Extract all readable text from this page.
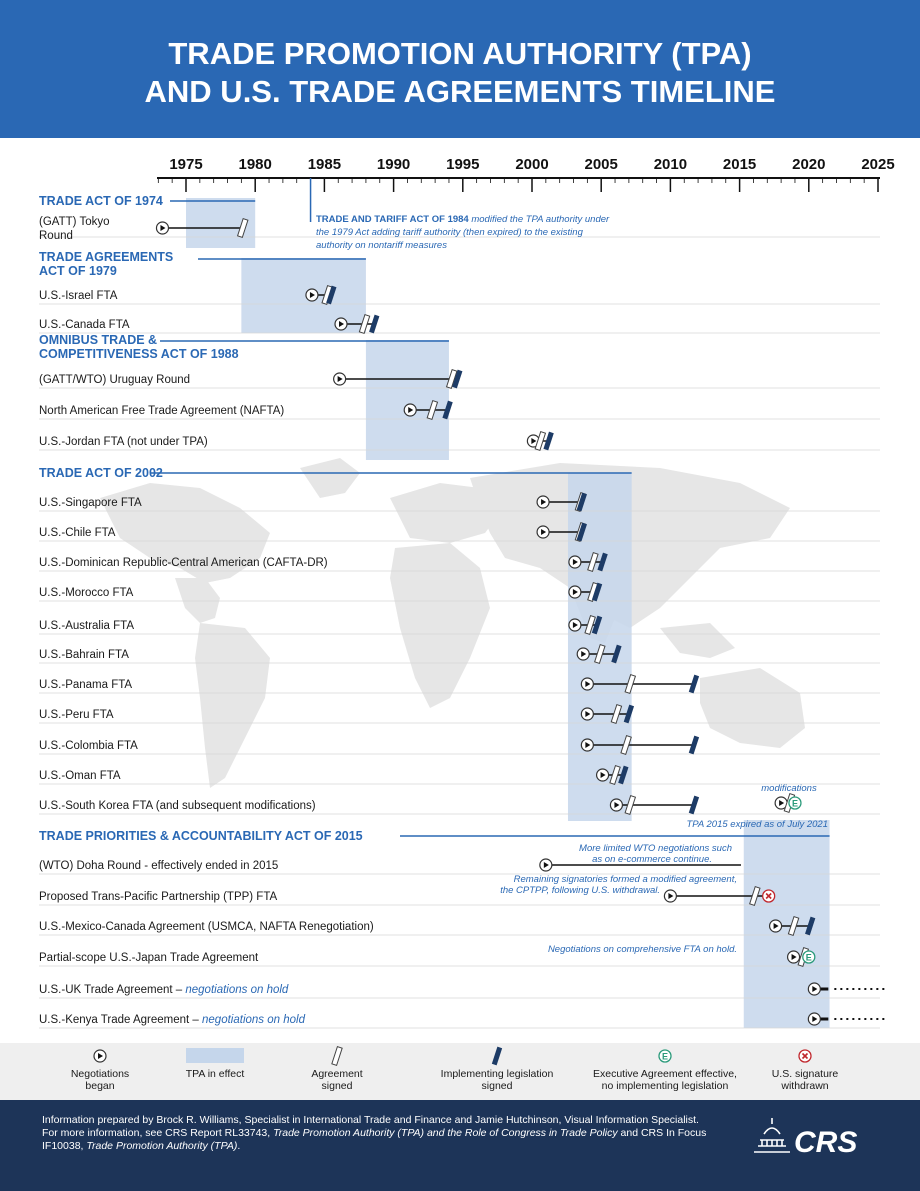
TRADE PROMOTION AUTHORITY (TPA)
AND U.S. TRADE AGREEMENTS TIMELINE
1975 1980 1985 1990 1995 2000 2005 2010 2015 2020 2025
(GATT) Tokyo
Round
U.S.-Israel FTA
U.S.-Canada FTA
(GATT/WTO) Uruguay Round
North American Free Trade Agreement (NAFTA)
U.S.-Jordan FTA (not under TPA)
U.S.-Singapore FTA
U.S.-Chile FTA
U.S.-Dominican Republic-Central American (CAFTA-DR)
U.S.-Morocco FTA
U.S.-Australia FTA
U.S.-Bahrain FTA
U.S.-Panama FTA
U.S.-Peru FTA
U.S.-Colombia FTA
U.S.-Oman FTA
U.S.-South Korea FTA (and subsequent modifications)	E
(WTO) Doha Round - effectively ended in 2015
Proposed Trans-Pacific Partnership (TPP) FTA
U.S.-Mexico-Canada Agreement (USMCA, NAFTA Renegotiation)
Partial-scope U.S.-Japan Trade Agreement	E
U.S.-UK Trade Agreement – negotiations on hold
U.S.-Kenya Trade Agreement – negotiations on hold
TRADE ACT OF 1974
TRADE AGREEMENTS
ACT OF 1979
OMNIBUS TRADE &
COMPETITIVENESS ACT OF 1988
TRADE ACT OF 2002
TRADE PRIORITIES & ACCOUNTABILITY ACT OF 2015
TRADE AND TARIFF ACT OF 1984 modified the TPA authority under
the 1979 Act adding tariff authority (then expired) to the existing
authority on nontariff measures
modifications
TPA 2015 expired as of July 2021
More limited WTO negotiations such
as on e-commerce continue.
Remaining signatories formed a modified agreement,
the CPTPP, following U.S. withdrawal.
Negotiations on comprehensive FTA on hold.
Negotiations
began
TPA in effect	Agreement
signed
Implementing legislation
signed
E
Executive Agreement effective,
no implementing legislation
U.S. signature
withdrawn
Information prepared by Brock R. Williams, Specialist in International Trade and Finance and Jamie Hutchinson, Visual Information Specialist.
For more information, see CRS Report RL33743, Trade Promotion Authority (TPA) and the Role of Congress in Trade Policy and CRS In Focus
IF10038, Trade Promotion Authority (TPA).	CRS
